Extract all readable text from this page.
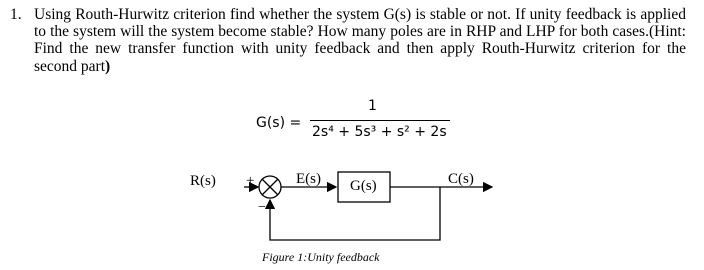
1. Using Routh-Hurwitz criterion find whether the system G(s) is stable or not. If unity feedback is applied to the system will the system become stable? How many poles are in RHP and LHP for both cases.(Hint: Find the new transfer function with unity feedback and then apply Routh-Hurwitz criterion for the second part)
G(s) =
1
2s⁴ + 5s³ + s² + 2s
R(s) +
−
E(s) G(s)	C(s)
Figure 1:Unity feedback
